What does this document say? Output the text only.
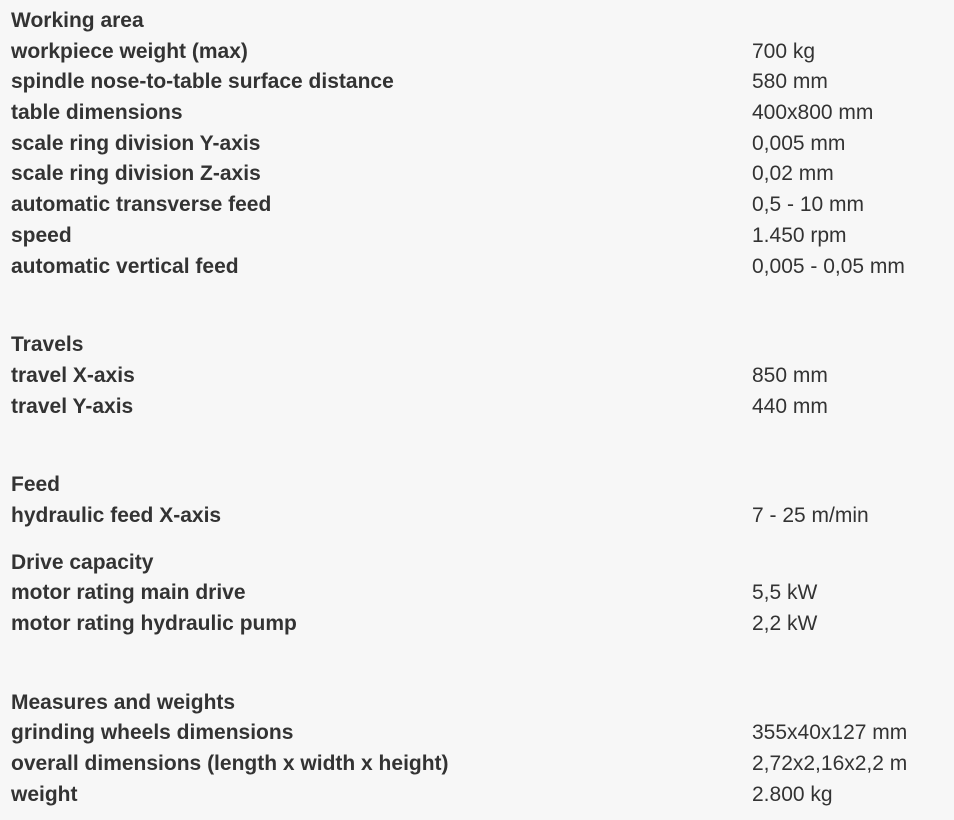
Working area
workpiece weight (max)	700 kg
spindle nose-to-table surface distance	580 mm
table dimensions	400x800 mm
scale ring division Y-axis	0,005 mm
scale ring division Z-axis	0,02 mm
automatic transverse feed	0,5 - 10 mm
speed	1.450 rpm
automatic vertical feed	0,005 - 0,05 mm
Travels
travel X-axis	850 mm
travel Y-axis	440 mm
Feed
hydraulic feed X-axis	7 - 25 m/min
Drive capacity
motor rating main drive	5,5 kW
motor rating hydraulic pump	2,2 kW
Measures and weights
grinding wheels dimensions	355x40x127 mm
overall dimensions (length x width x height)	2,72x2,16x2,2 m
weight	2.800 kg
